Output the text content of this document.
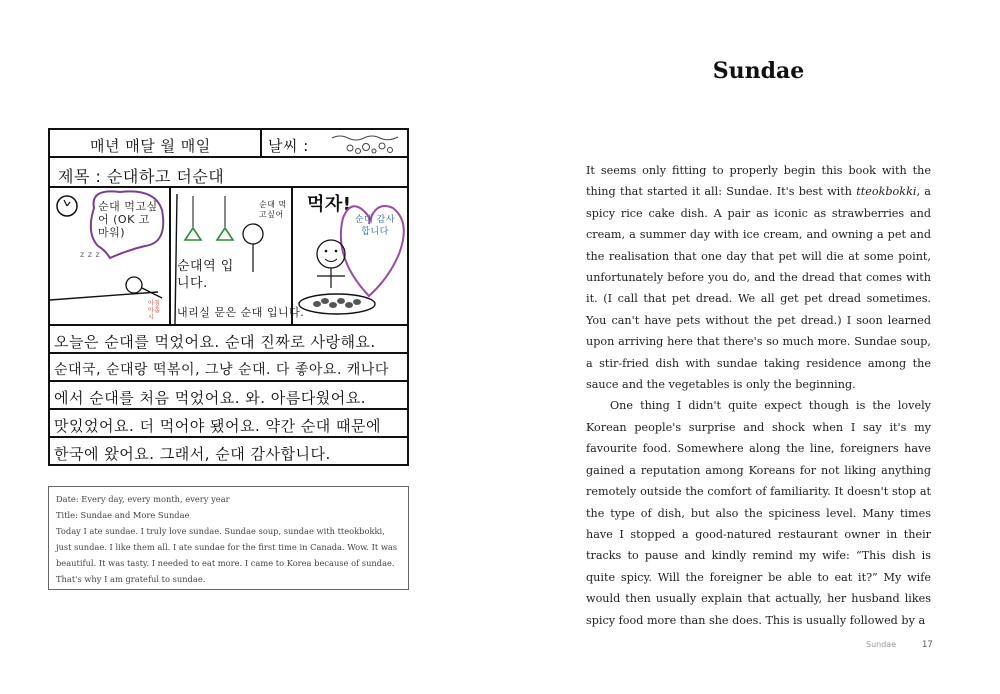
매년 매달 월 매일	날씨 :
제목 : 순대하고 더순대
순대 먹고싶어 (OK 고마워)
z z z
아침 아홉 시
순대 먹고싶어
순대역 입니다.
내리실 문은 순대 입니다.
먹자!
순대 감사합니다
오늘은 순대를 먹었어요. 순대 진짜로 사랑해요.
순대국, 순대랑 떡볶이, 그냥 순대. 다 좋아요. 캐나다
에서 순대를 처음 먹었어요. 와. 아름다웠어요.
맛있었어요. 더 먹어야 됐어요. 약간 순대 때문에
한국에 왔어요. 그래서, 순대 감사합니다.

Date: Every day, every month, every year

Title: Sundae and More Sundae

Today I ate sundae. I truly love sundae. Sundae soup, sundae with tteokbokki, just sundae. I like them all. I ate sundae for the first time in Canada. Wow. It was beautiful. It was tasty. I needed to eat more. I came to Korea because of sundae. That's why I am grateful to sundae.

Sundae

It seems only fitting to properly begin this book with the thing that started it all: Sundae. It's best with tteokbokki, a spicy rice cake dish. A pair as iconic as strawberries and cream, a summer day with ice cream, and owning a pet and the realisation that one day that pet will die at some point, unfortunately before you do, and the dread that comes with it. (I call that pet dread. We all get pet dread sometimes. You can't have pets without the pet dread.) I soon learned upon arriving here that there's so much more. Sundae soup, a stir-fried dish with sundae taking residence among the sauce and the vegetables is only the beginning.

One thing I didn't quite expect though is the lovely Korean people's surprise and shock when I say it's my favourite food. Somewhere along the line, foreigners have gained a reputation among Koreans for not liking anything remotely outside the comfort of familiarity. It doesn't stop at the type of dish, but also the spiciness level. Many times have I stopped a good-natured restaurant owner in their tracks to pause and kindly remind my wife: “This dish is quite spicy. Will the foreigner be able to eat it?” My wife would then usually explain that actually, her husband likes spicy food more than she does. This is usually followed by a

Sundae	17
